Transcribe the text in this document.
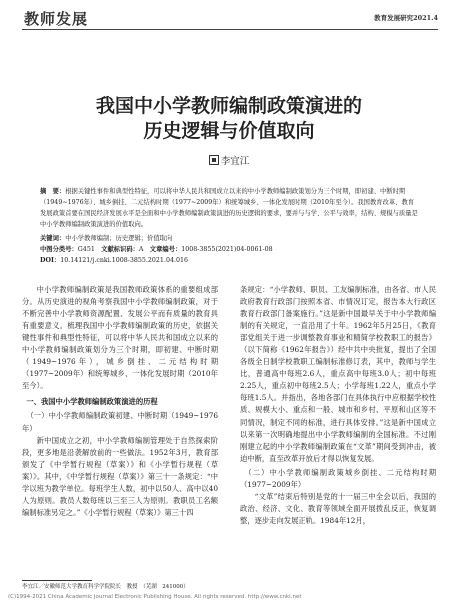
教师发展	教育发展研究2021.4
我国中小学教师编制政策演进的
历史逻辑与价值取向
李宜江

摘　要：根据关键性事件和典型性特征，可以将中华人民共和国成立以来的中小学教师编制政策划分为三个时期，即初建、中断时期（1949~1976年）、城乡倒挂、二元结构时期（1977~2009年）和统筹城乡、一体化发展时期（2010年至今）。我国教育改革、教育发展政策首要在国民经济发展水平是全面和中小学教师编制政策演进的历史逻辑的要求，要并与与学、公平与效率，结构、规模与质量是中小学教师编制政策演进的价值取向。

关键词：中小学教师编制；历史逻辑；价值取向

中图分类号：G451　 文献标识码：A　 文章编号：1008-3855(2021)04-0061-08

DOI：10.14121/j.cnki.1008-3855.2021.04.016

中小学教师编制政策是我国教师政策体系的重要组成部分。从历史演进的视角考察我国中小学教师编制政策，对于不断完善中小学教师资源配置、发展公平而有质量的教育具有重要意义。梳理我国中小学教师编制政策的历史，依据关键性事件和典型性特征，可以将中华人民共和国成立以来的中小学教师编制政策划分为三个时期，即初建、中断时期（1949~1976年），城乡倒挂、二元结构时期（1977~2009年）和统筹城乡、一体化发展时期（2010年至今）。

一、我国中小学教师编制政策演进的历程

（一）中小学教师编制政策初建、中断时期（1949~1976年）

新中国成立之初，中小学教师编制管理处于自然探索阶段，更多地是沿袭解放前的一些做法。1952年3月，教育部颁发了《中学暂行规程（草案）》和《小学暂行规程（草案）》。其中，《中学暂行规程（草案）》第三十一条规定：“中学以班为教学单位。每班学生人数，初中以50人、高中以40人为原则。教员人数每班以三至三人为原则。教职员工名额编制标准另定之。”《小学暂行规程（草案）》第三十四

条规定：“小学教师、职员、工友编制标准，由各省、市人民政府教育行政部门按照本省、市情况订定，报告本大行政区教育行政部门备案施行。”这是新中国最早关于中小学教师编制的有关规定，一直沿用了十年。1962年5月25日，《教育部党组关于进一步调整教育事业和精简学校教职工的报告》（以下简称《1962年报告》）经中共中央批复，提出了全国各级全日制学校教职工编制标准修订表，其中，教师与学生比，普通高中每班2.6人，重点高中每班3.0人；初中每班2.25人，重点初中每班2.5人；小学每班1.22人，重点小学每班1.5人。并指出，各地各部门在具体执行中应根据学校性质、规模大小、重点和一般、城市和乡村、平原和山区等不同情况，制定不同的标准，进行具体安排。”这是新中国成立以来第一次明确地提出中小学教师编制的全国标准。不过刚刚建立起的中小学教师编制政策在“文革”期间受到冲击，被迫中断，直至改革开放后才得以恢复发展。

（二）中小学教师编制政策城乡倒挂、二元结构时期（1977~2009年）

“文革”结束后特别是党的十一届三中全会以后，我国的政治、经济、文化、教育等领域全面开展拨乱反正，恢复调整，逐步走向发展正轨。1984年12月，

李宜江／安徽师范大学教育科学学院院长　教授　（芜湖　241000）
(C)1994-2021 China Academic Journal Electronic Publishing House. All rights reserved. http://www.cnki.net
